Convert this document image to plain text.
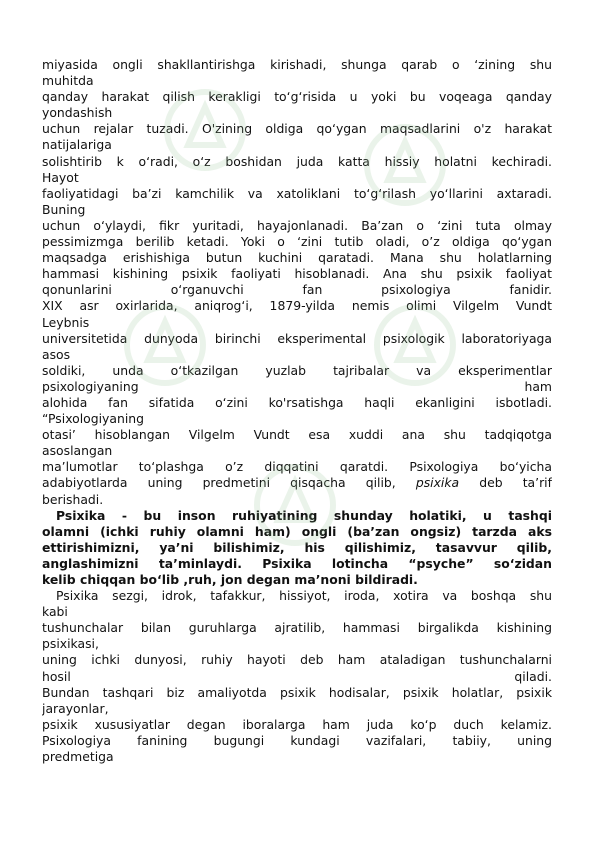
miyasida ongli shakllantirishga kirishadi, shunga qarab o ‘zining shu
muhitda
qanday harakat qilish kerakligi to‘g‘risida u yoki bu voqeaga qanday
yondashish
uchun rejalar tuzadi. O'zining oldiga qo‘ygan maqsadlarini o'z harakat
natijalariga
solishtirib k o‘radi, o‘z boshidan juda katta hissiy holatni kechiradi.
Hayot
faoliyatidagi ba’zi kamchilik va xatoliklani to‘g‘rilash yo‘llarini axtaradi.
Buning
uchun o‘ylaydi, fikr yuritadi, hayajonlanadi. Ba’zan o ‘zini tuta olmay
pessimizmga berilib ketadi. Yoki o ‘zini tutib oladi, o’z oldiga qo‘ygan
maqsadga erishishiga butun kuchini qaratadi. Mana shu holatlarning
hammasi kishining psixik faoliyati hisoblanadi. Ana shu psixik faoliyat
qonunlarini o‘rganuvchi fan psixologiya fanidir.
XIX asr oxirlarida, aniqrog‘i, 1879-yilda nemis olimi Vilgelm Vundt
Leybnis
universitetida dunyoda birinchi eksperimental psixologik laboratoriyaga
asos
soldiki, unda o‘tkazilgan yuzlab tajribalar va eksperimentlar
psixologiyaning ham
alohida fan sifatida o‘zini ko'rsatishga haqli ekanligini isbotladi.
“Psixologiyaning
otasi’ hisoblangan Vilgelm Vundt esa xuddi ana shu tadqiqotga
asoslangan
ma’lumotlar to‘plashga o’z diqqatini qaratdi. Psixologiya bo‘yicha
adabiyotlarda uning predmetini qisqacha qilib, psixika deb ta’rif
berishadi.
Psixika - bu inson ruhiyatining shunday holatiki, u tashqi
olamni (ichki ruhiy olamni ham) ongli (ba’zan ongsiz) tarzda aks
ettirishimizni, ya’ni bilishimiz, his qilishimiz, tasavvur qilib,
anglashimizni ta’minlaydi. Psixika lotincha “psyche” so‘zidan
kelib chiqqan bo‘lib ,ruh, jon degan ma’noni bildiradi.
Psixika sezgi, idrok, tafakkur, hissiyot, iroda, xotira va boshqa shu
kabi
tushunchalar bilan guruhlarga ajratilib, hammasi birgalikda kishining
psixikasi,
uning ichki dunyosi, ruhiy hayoti deb ham ataladigan tushunchalarni
hosil qiladi.
Bundan tashqari biz amaliyotda psixik hodisalar, psixik holatlar, psixik
jarayonlar,
psixik xususiyatlar degan iboralarga ham juda ko‘p duch kelamiz.
Psixologiya fanining bugungi kundagi vazifalari, tabiiy, uning
predmetiga
